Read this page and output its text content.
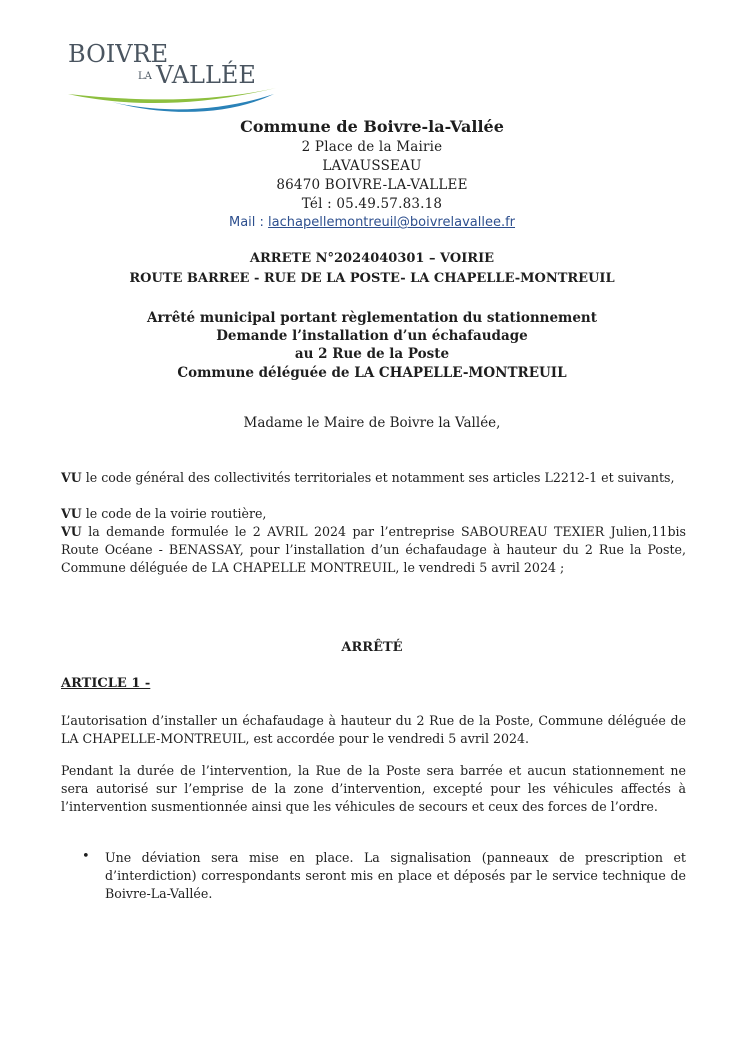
BOIVRE
LA VALLÉE
Commune de Boivre-la-Vallée
2 Place de la Mairie
LAVAUSSEAU
86470 BOIVRE-LA-VALLEE
Tél : 05.49.57.83.18
Mail : lachapellemontreuil@boivrelavallee.fr
ARRETE N°2024040301 – VOIRIE
ROUTE BARREE - RUE DE LA POSTE- LA CHAPELLE-MONTREUIL
Arrêté municipal portant règlementation du stationnement
Demande l’installation d’un échafaudage
au 2 Rue de la Poste
Commune déléguée de LA CHAPELLE-MONTREUIL
Madame le Maire de Boivre la Vallée,
VU le code général des collectivités territoriales et notamment ses articles L2212-1 et suivants,
VU le code de la voirie routière,
VU la demande formulée le 2 AVRIL 2024 par l’entreprise SABOUREAU TEXIER Julien,11bis Route Océane - BENASSAY, pour l’installation d’un échafaudage à hauteur du 2 Rue la Poste, Commune déléguée de LA CHAPELLE MONTREUIL, le vendredi 5 avril 2024 ;
ARRÊTÉ
ARTICLE 1 -
L’autorisation d’installer un échafaudage à hauteur du 2 Rue de la Poste, Commune déléguée de LA CHAPELLE-MONTREUIL, est accordée pour le vendredi 5 avril 2024.
Pendant la durée de l’intervention, la Rue de la Poste sera barrée et aucun stationnement ne sera autorisé sur l’emprise de la zone d’intervention, excepté pour les véhicules affectés à l’intervention susmentionnée ainsi que les véhicules de secours et ceux des forces de l’ordre.
• Une déviation sera mise en place. La signalisation (panneaux de prescription et d’interdiction) correspondants seront mis en place et déposés par le service technique de Boivre-La-Vallée.
